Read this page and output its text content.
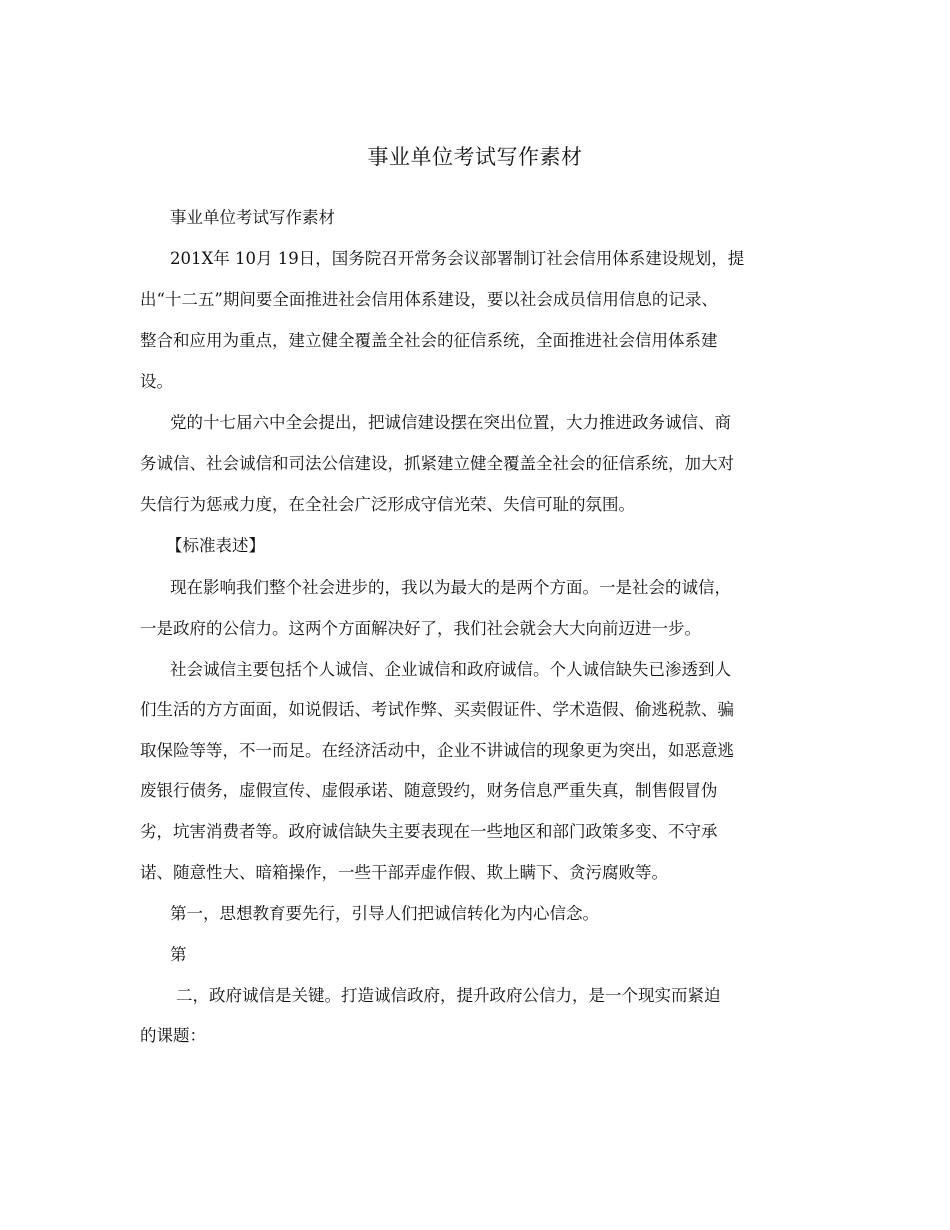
事业单位考试写作素材
事业单位考试写作素材
201X年 10月 19日，国务院召开常务会议部署制订社会信用体系建设规划，提
出“十二五”期间要全面推进社会信用体系建设，要以社会成员信用信息的记录、
整合和应用为重点，建立健全覆盖全社会的征信系统，全面推进社会信用体系建
设。
党的十七届六中全会提出，把诚信建设摆在突出位置，大力推进政务诚信、商
务诚信、社会诚信和司法公信建设，抓紧建立健全覆盖全社会的征信系统，加大对
失信行为惩戒力度，在全社会广泛形成守信光荣、失信可耻的氛围。
【标准表述】
现在影响我们整个社会进步的，我以为最大的是两个方面。一是社会的诚信，
一是政府的公信力。这两个方面解决好了，我们社会就会大大向前迈进一步。
社会诚信主要包括个人诚信、企业诚信和政府诚信。个人诚信缺失已渗透到人
们生活的方方面面，如说假话、考试作弊、买卖假证件、学术造假、偷逃税款、骗
取保险等等，不一而足。在经济活动中，企业不讲诚信的现象更为突出，如恶意逃
废银行债务，虚假宣传、虚假承诺、随意毁约，财务信息严重失真，制售假冒伪
劣，坑害消费者等。政府诚信缺失主要表现在一些地区和部门政策多变、不守承
诺、随意性大、暗箱操作，一些干部弄虚作假、欺上瞒下、贪污腐败等。
第一，思想教育要先行，引导人们把诚信转化为内心信念。
第
二，政府诚信是关键。打造诚信政府，提升政府公信力，是一个现实而紧迫
的课题：
